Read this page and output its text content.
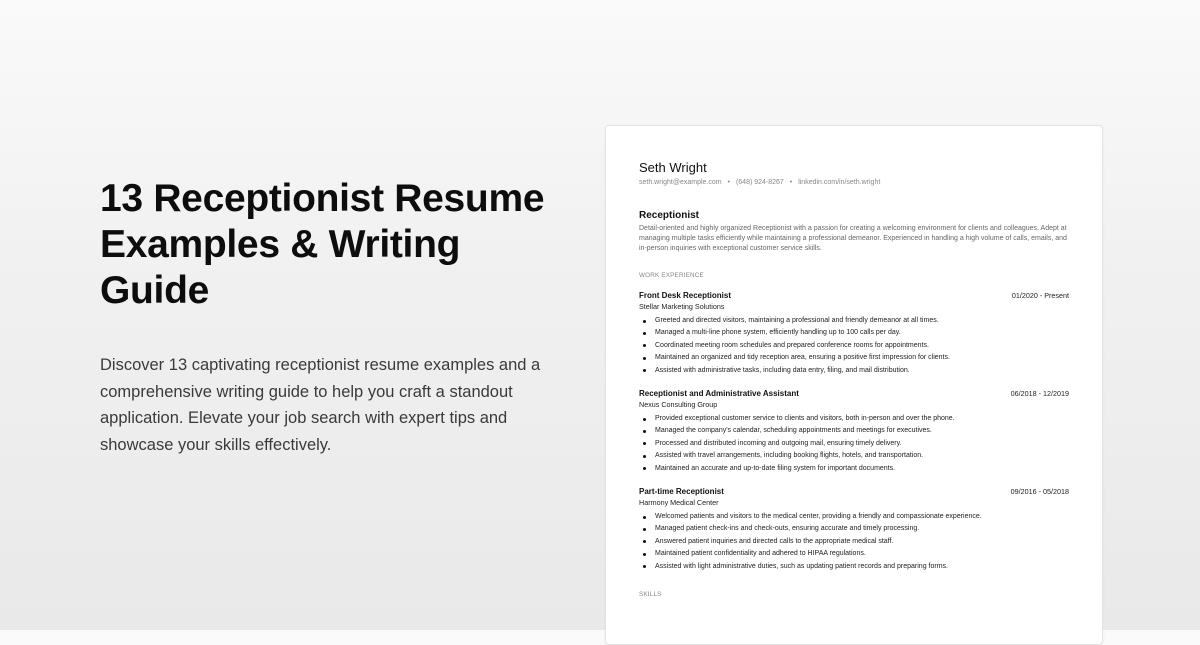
13 Receptionist Resume Examples & Writing Guide

Discover 13 captivating receptionist resume examples and a comprehensive writing guide to help you craft a standout application. Elevate your job search with expert tips and showcase your skills effectively.

Seth Wright
seth.wright@example.com • (648) 924-8267 • linkedin.com/in/seth.wright
Receptionist
Detail-oriented and highly organized Receptionist with a passion for creating a welcoming environment for clients and colleagues. Adept at managing multiple tasks efficiently while maintaining a professional demeanor. Experienced in handling a high volume of calls, emails, and in-person inquiries with exceptional customer service skills.
WORK EXPERIENCE
Front Desk Receptionist	01/2020 - Present
Stellar Marketing Solutions
Greeted and directed visitors, maintaining a professional and friendly demeanor at all times.
Managed a multi-line phone system, efficiently handling up to 100 calls per day.
Coordinated meeting room schedules and prepared conference rooms for appointments.
Maintained an organized and tidy reception area, ensuring a positive first impression for clients.
Assisted with administrative tasks, including data entry, filing, and mail distribution.
Receptionist and Administrative Assistant	06/2018 - 12/2019
Nexus Consulting Group
Provided exceptional customer service to clients and visitors, both in-person and over the phone.
Managed the company's calendar, scheduling appointments and meetings for executives.
Processed and distributed incoming and outgoing mail, ensuring timely delivery.
Assisted with travel arrangements, including booking flights, hotels, and transportation.
Maintained an accurate and up-to-date filing system for important documents.
Part-time Receptionist	09/2016 - 05/2018
Harmony Medical Center
Welcomed patients and visitors to the medical center, providing a friendly and compassionate experience.
Managed patient check-ins and check-outs, ensuring accurate and timely processing.
Answered patient inquiries and directed calls to the appropriate medical staff.
Maintained patient confidentiality and adhered to HIPAA regulations.
Assisted with light administrative duties, such as updating patient records and preparing forms.
SKILLS
